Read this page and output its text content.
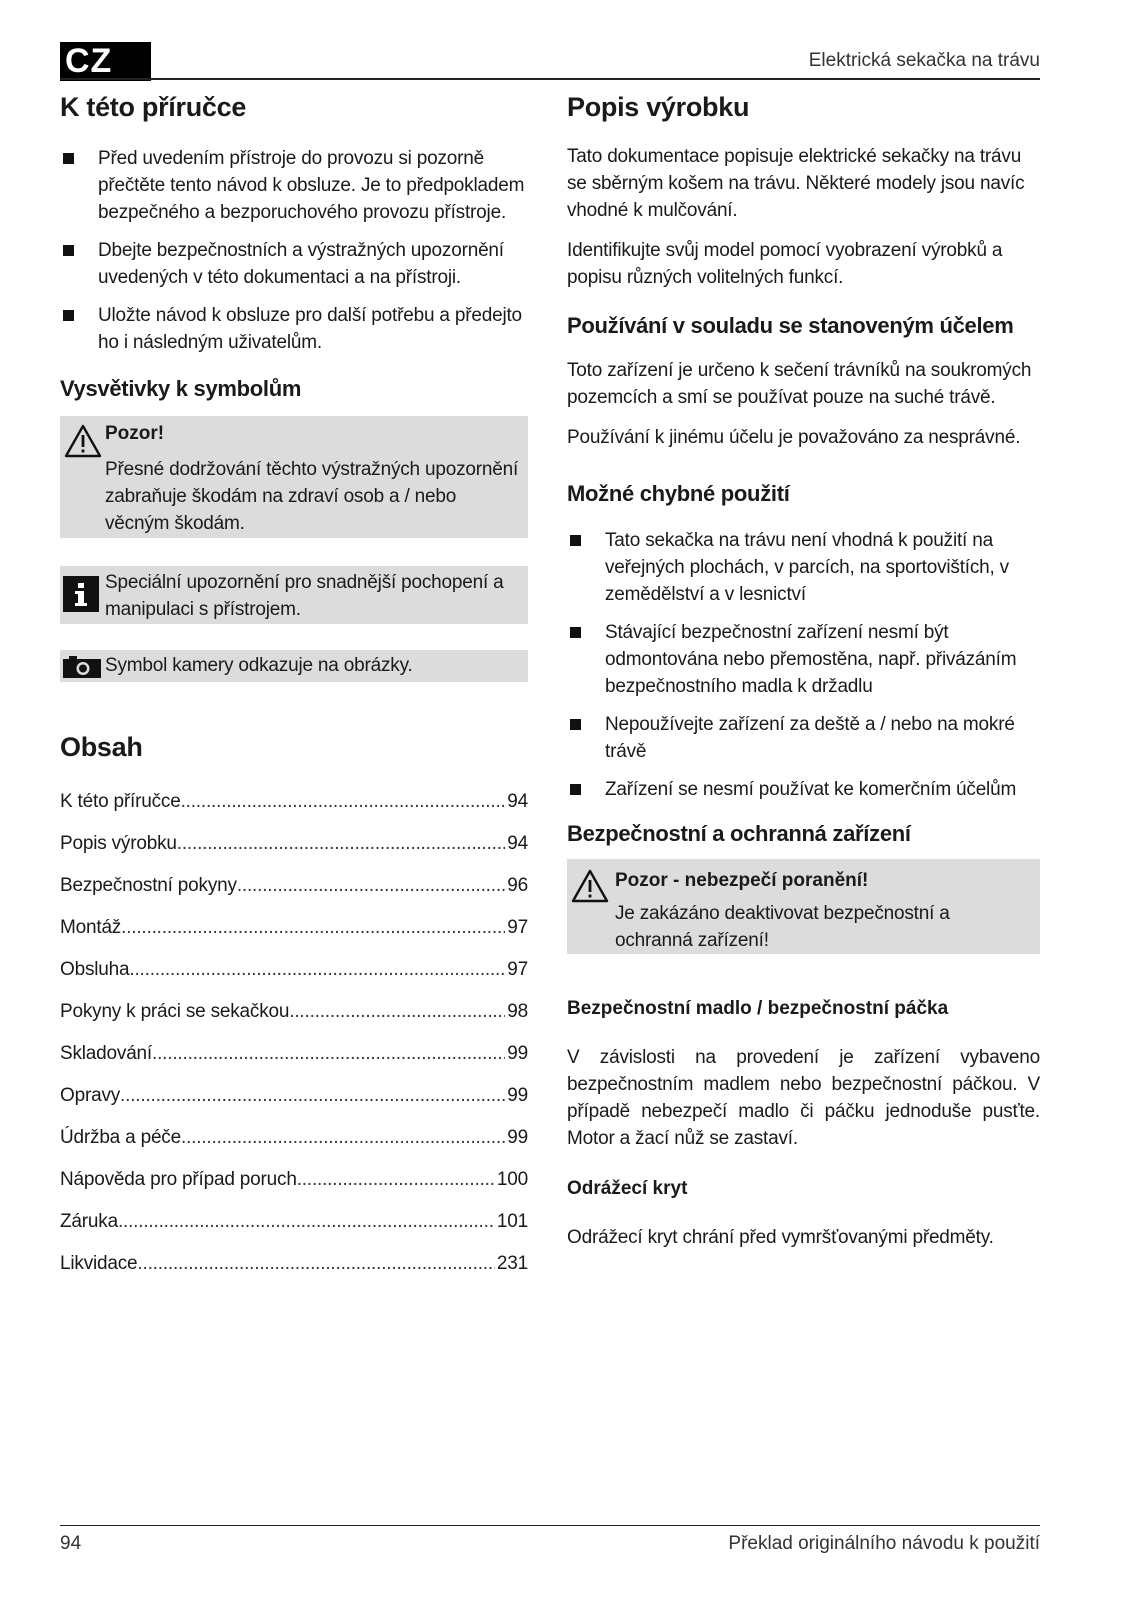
CZ	Elektrická sekačka na trávu
K této příručce
Před uvedením přístroje do provozu si pozorně přečtěte tento návod k obsluze. Je to předpokladem bezpečného a bezporuchového provozu přístroje.
Dbejte bezpečnostních a výstražných upozornění uvedených v této dokumentaci a na přístroji.
Uložte návod k obsluze pro další potřebu a předejto ho i následným uživatelům.
Vysvětivky k symbolům
Pozor!

Přesné dodržování těchto výstražných upozornění zabraňuje škodám na zdraví osob a / nebo věcným škodám.

Speciální upozornění pro snadnější pochopení a manipulaci s přístrojem.

Symbol kamery odkazuje na obrázky.

Obsah
K této příručce .....	94
Popis výrobku .....	94
Bezpečnostní pokyny .....	96
Montáž .....	97
Obsluha .....	97
Pokyny k práci se sekačkou .....	98
Skladování .....	99
Opravy .....	99
Údržba a péče .....	99
Nápověda pro případ poruch .....	100
Záruka .....	101
Likvidace .....	231
Popis výrobku

Tato dokumentace popisuje elektrické sekačky na trávu se sběrným košem na trávu. Některé modely jsou navíc vhodné k mulčování.

Identifikujte svůj model pomocí vyobrazení výrobků a popisu různých volitelných funkcí.

Používání v souladu se stanoveným účelem

Toto zařízení je určeno k sečení trávníků na soukromých pozemcích a smí se používat pouze na suché trávě.

Používání k jinému účelu je považováno za nesprávné.

Možné chybné použití
Tato sekačka na trávu není vhodná k použití na veřejných plochách, v parcích, na sportovištích, v zemědělství a v lesnictví
Stávající bezpečnostní zařízení nesmí být odmontována nebo přemostěna, např. přivázáním bezpečnostního madla k držadlu
Nepoužívejte zařízení za deště a / nebo na mokré trávě
Zařízení se nesmí používat ke komerčním účelům
Bezpečnostní a ochranná zařízení
Pozor - nebezpečí poranění!

Je zakázáno deaktivovat bezpečnostní a ochranná zařízení!

Bezpečnostní madlo / bezpečnostní páčka

V závislosti na provedení je zařízení vybaveno bezpečnostním madlem nebo bezpečnostní páčkou. V případě nebezpečí madlo či páčku jednoduše pusťte. Motor a žací nůž se zastaví.

Odrážecí kryt

Odrážecí kryt chrání před vymršťovanými předměty.

94	Překlad originálního návodu k použití
